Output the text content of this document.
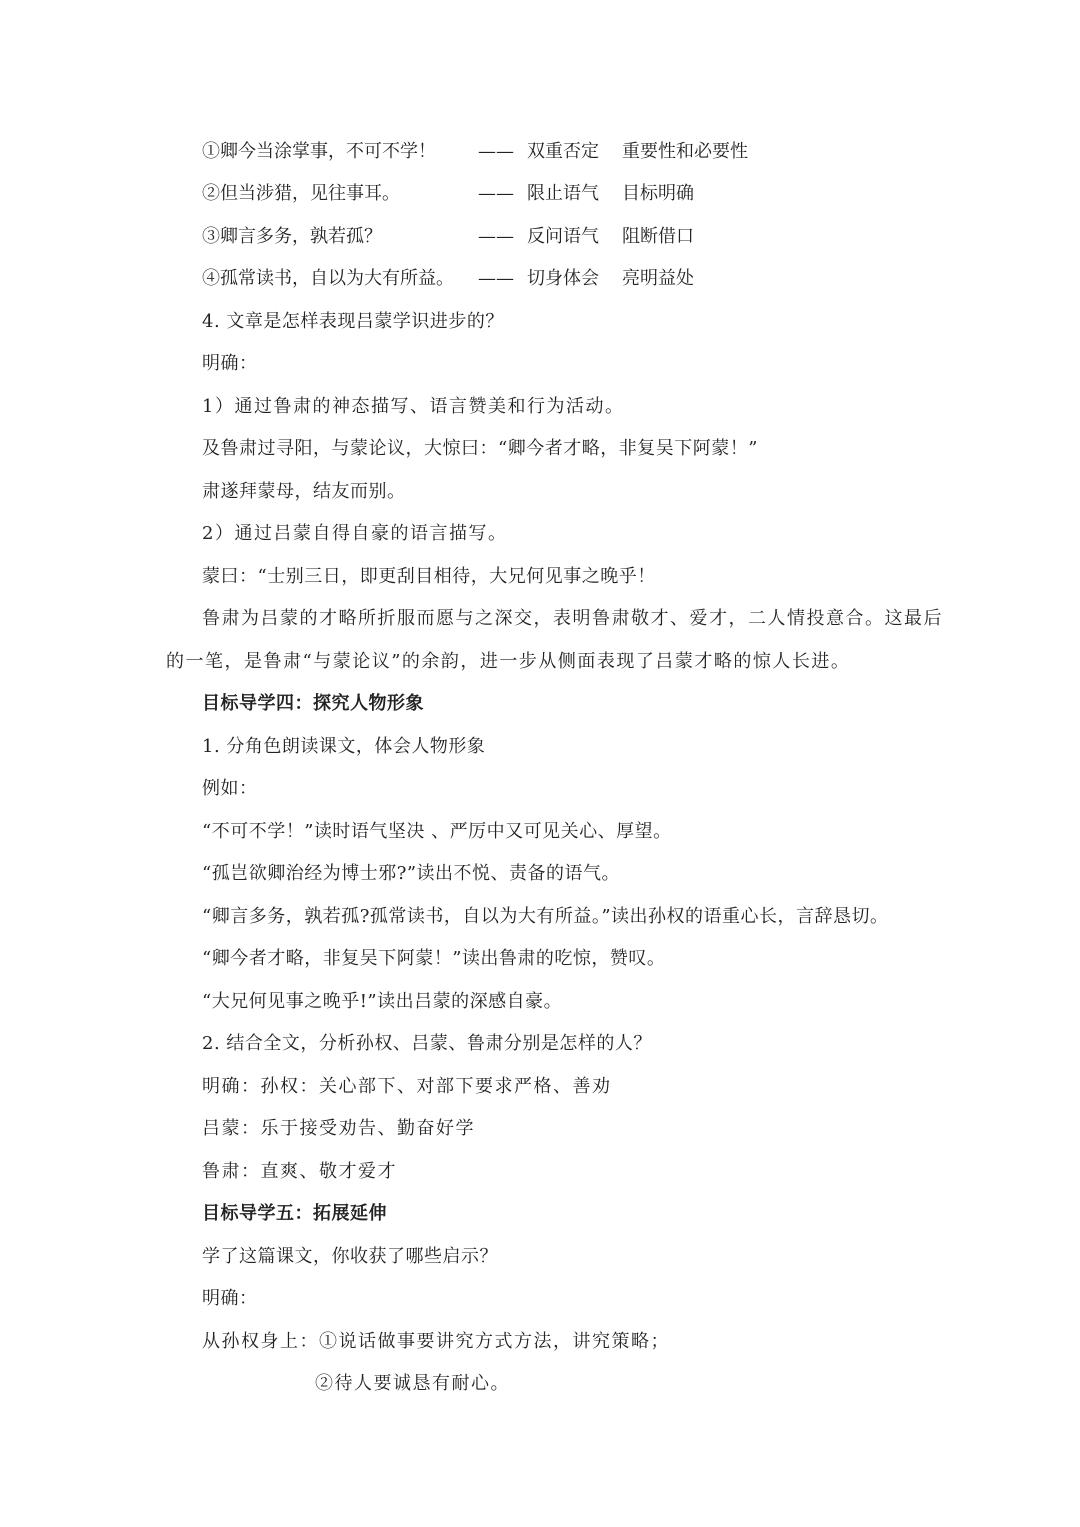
①卿今当涂掌事，不可不学！ —— 双重否定 重要性和必要性
②但当涉猎，见往事耳。	—— 限止语气 目标明确
③卿言多务，孰若孤？	—— 反问语气 阻断借口
④孤常读书，自以为大有所益。 —— 切身体会 亮明益处
4. 文章是怎样表现吕蒙学识进步的？
明确：
1）通过鲁肃的神态描写、语言赞美和行为活动。
及鲁肃过寻阳，与蒙论议，大惊曰：“卿今者才略，非复吴下阿蒙！”
肃遂拜蒙母，结友而别。
2）通过吕蒙自得自豪的语言描写。
蒙曰：“士别三日，即更刮目相待，大兄何见事之晚乎！
鲁肃为吕蒙的才略所折服而愿与之深交，表明鲁肃敬才、爱才，二人情投意合。这最后
的一笔，是鲁肃“与蒙论议”的余韵，进一步从侧面表现了吕蒙才略的惊人长进。
目标导学四：探究人物形象
1. 分角色朗读课文，体会人物形象
例如：
“不可不学！”读时语气坚决 、严厉中又可见关心、厚望。
“孤岂欲卿治经为博士邪?”读出不悦、责备的语气。
“卿言多务，孰若孤?孤常读书，自以为大有所益。”读出孙权的语重心长，言辞恳切。
“卿今者才略，非复吴下阿蒙！”读出鲁肃的吃惊，赞叹。
“大兄何见事之晚乎!”读出吕蒙的深感自豪。
2. 结合全文，分析孙权、吕蒙、鲁肃分别是怎样的人？
明确：孙权：关心部下、对部下要求严格、善劝
吕蒙：乐于接受劝告、勤奋好学
鲁肃：直爽、敬才爱才
目标导学五：拓展延伸
学了这篇课文，你收获了哪些启示？
明确：
从孙权身上：①说话做事要讲究方式方法，讲究策略；
②待人要诚恳有耐心。
